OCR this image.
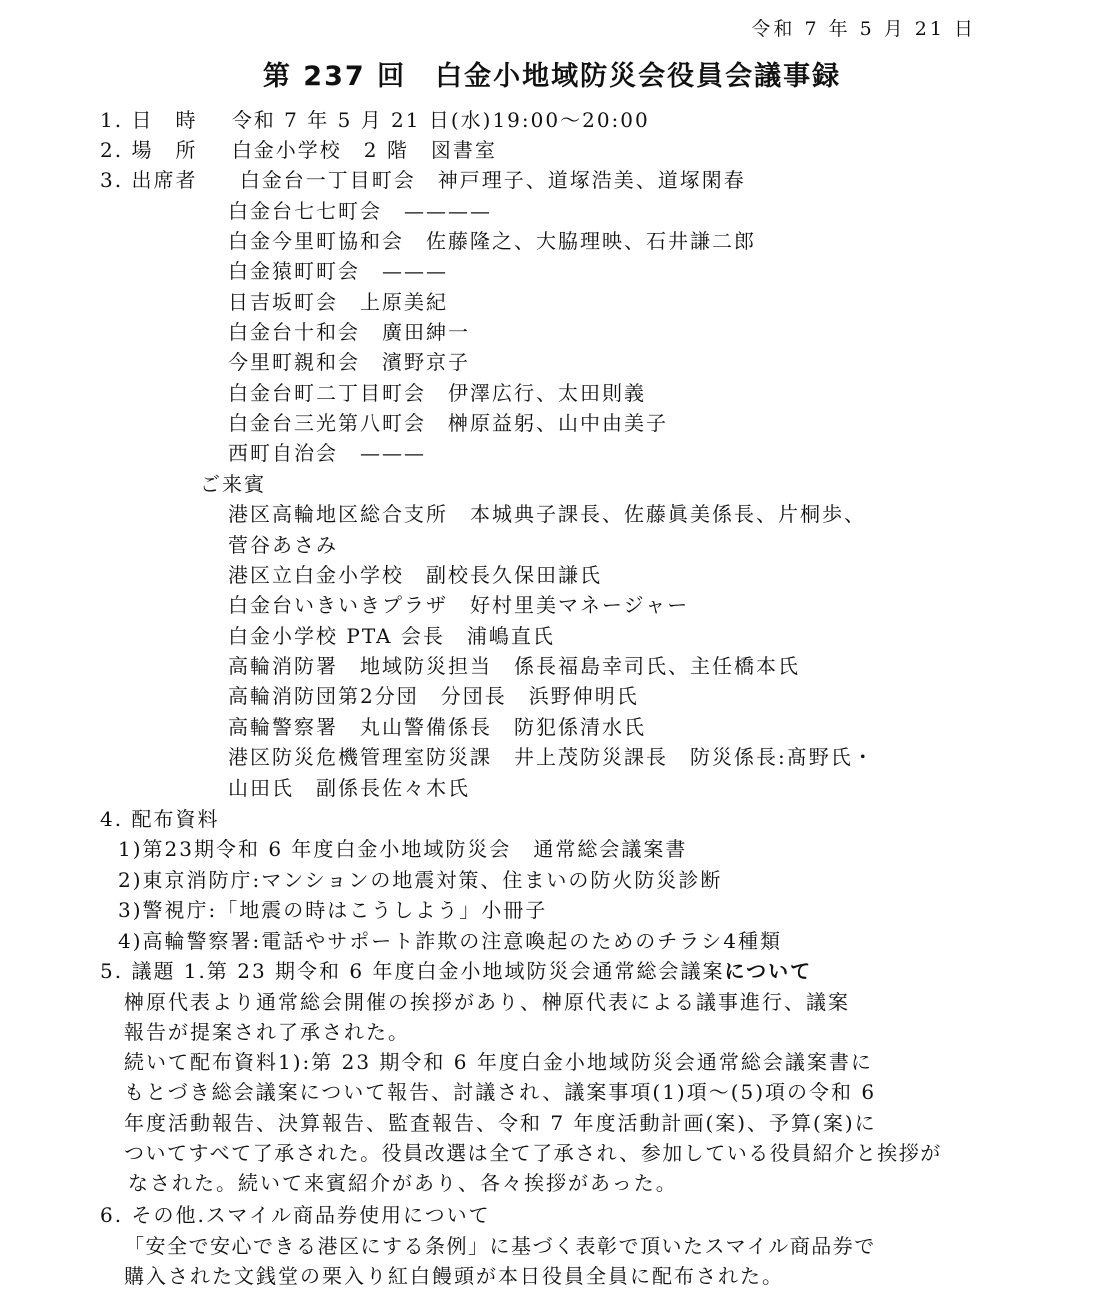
令和 7 年 5 月 21 日
第 237 回　白金小地域防災会役員会議事録
1. 日　時 令和 7 年 5 月 21 日(水)19:00～20:00
2. 場　所 白金小学校　2 階　図書室
3. 出席者 白金台一丁目町会　神戸理子、道塚浩美、道塚閑春
白金台七七町会　————
白金今里町協和会　佐藤隆之、大脇理映、石井謙二郎
白金猿町町会　———
日吉坂町会　上原美紀
白金台十和会　廣田紳一
今里町親和会　濱野京子
白金台町二丁目町会　伊澤広行、太田則義
白金台三光第八町会　榊原益躬、山中由美子
西町自治会　———
ご来賓
港区高輪地区総合支所　本城典子課長、佐藤眞美係長、片桐歩、
菅谷あさみ
港区立白金小学校　副校長久保田謙氏
白金台いきいきプラザ　好村里美マネージャー
白金小学校 PTA 会長　浦嶋直氏
高輪消防署　地域防災担当　係長福島幸司氏、主任橋本氏
高輪消防団第2分団　分団長　浜野伸明氏
高輪警察署　丸山警備係長　防犯係清水氏
港区防災危機管理室防災課　井上茂防災課長　防災係長:髙野氏・
山田氏　副係長佐々木氏
4. 配布資料
1)第23期令和 6 年度白金小地域防災会　通常総会議案書
2)東京消防庁:マンションの地震対策、住まいの防火防災診断
3)警視庁:「地震の時はこうしよう」小冊子
4)高輪警察署:電話やサポート詐欺の注意喚起のためのチラシ4種類
5. 議題 1.第 23 期令和 6 年度白金小地域防災会通常総会議案について
榊原代表より通常総会開催の挨拶があり、榊原代表による議事進行、議案
報告が提案され了承された。
続いて配布資料1):第 23 期令和 6 年度白金小地域防災会通常総会議案書に
もとづき総会議案について報告、討議され、議案事項(1)項～(5)項の令和 6
年度活動報告、決算報告、監査報告、令和 7 年度活動計画(案)、予算(案)に
ついてすべて了承された。役員改選は全て了承され、参加している役員紹介と挨拶が
なされた。続いて来賓紹介があり、各々挨拶があった。
6. その他.スマイル商品券使用について
「安全で安心できる港区にする条例」に基づく表彰で頂いたスマイル商品券で
購入された文銭堂の栗入り紅白饅頭が本日役員全員に配布された。
